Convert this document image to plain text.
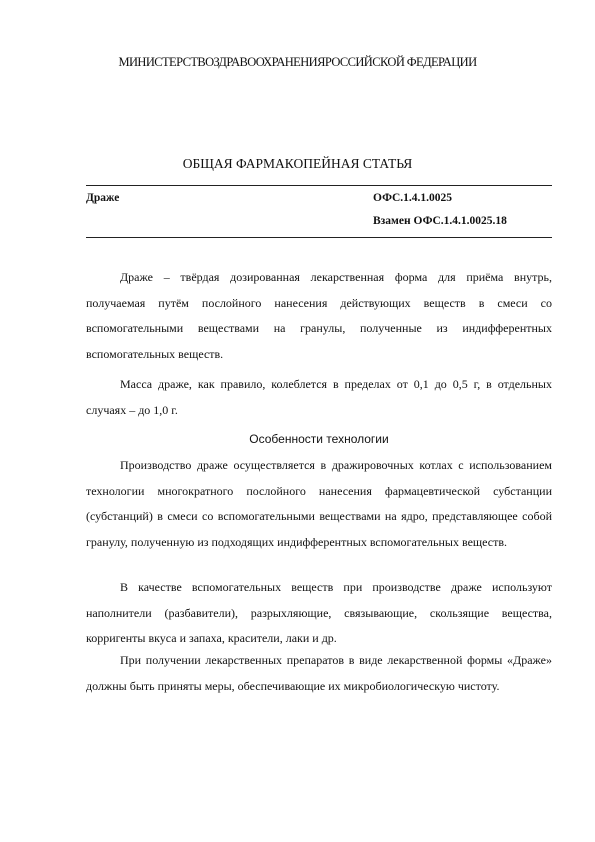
МИНИСТЕРСТВОЗДРАВООХРАНЕНИЯРОССИЙСКОЙ ФЕДЕРАЦИИ
ОБЩАЯ ФАРМАКОПЕЙНАЯ СТАТЬЯ
Драже	ОФС.1.4.1.0025
Взамен ОФС.1.4.1.0025.18

Драже – твёрдая дозированная лекарственная форма для приёма внутрь, получаемая путём послойного нанесения действующих веществ в смеси со вспомогательными веществами на гранулы, полученные из индифферентных вспомогательных веществ.

Масса драже, как правило, колеблется в пределах от 0,1 до 0,5 г, в отдельных случаях – до 1,0 г.

Особенности технологии

Производство драже осуществляется в дражировочных котлах с использованием технологии многократного послойного нанесения фармацевтической субстанции (субстанций) в смеси со вспомогательными веществами на ядро, представляющее собой гранулу, полученную из подходящих индифферентных вспомогательных веществ.

В качестве вспомогательных веществ при производстве драже используют наполнители (разбавители), разрыхляющие, связывающие, скользящие вещества, корригенты вкуса и запаха, красители, лаки и др.

При получении лекарственных препаратов в виде лекарственной формы «Драже» должны быть приняты меры, обеспечивающие их микробиологическую чистоту.
